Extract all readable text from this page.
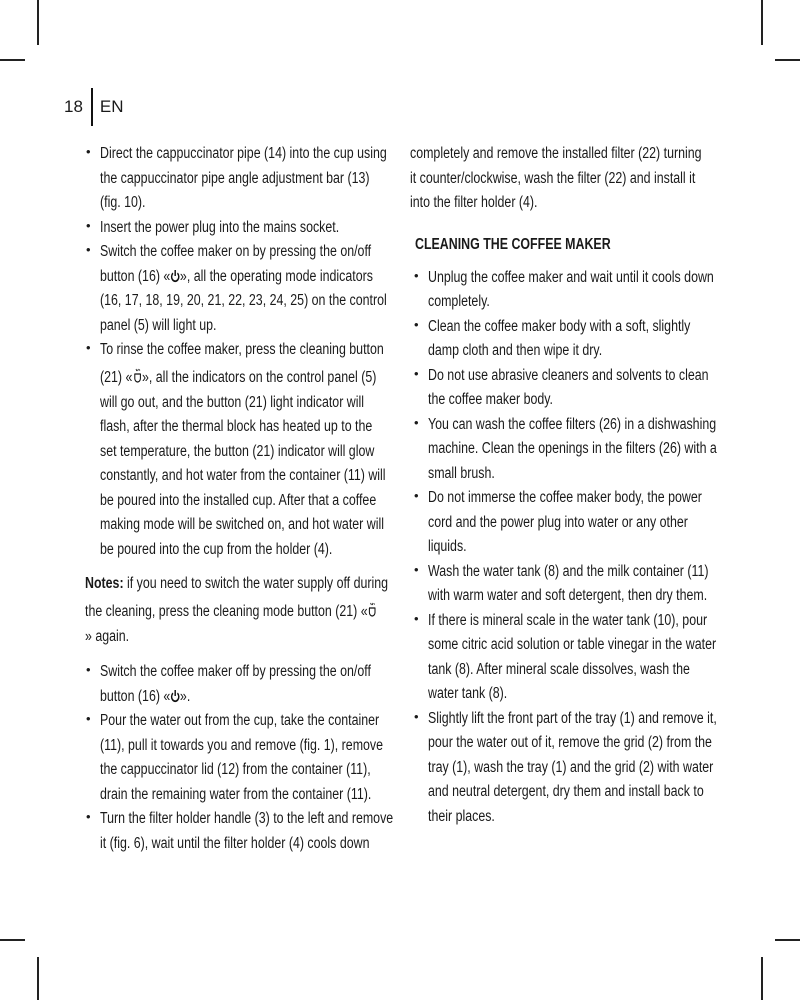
18 EN
• Direct the cappuccinator pipe (14) into the cup using
the cappuccinator pipe angle adjustment bar (13)
(fig. 10).
• Insert the power plug into the mains socket.
• Switch the coffee maker on by pressing the on/off
button (16) « », all the operating mode indicators
(16, 17, 18, 19, 20, 21, 22, 23, 24, 25) on the control
panel (5) will light up.
• To rinse the coffee maker, press the cleaning button
(21) « », all the indicators on the control panel (5)
will go out, and the button (21) light indicator will
flash, after the thermal block has heated up to the
set temperature, the button (21) indicator will glow
constantly, and hot water from the container (11) will
be poured into the installed cup. After that a coffee
making mode will be switched on, and hot water will
be poured into the cup from the holder (4).
Notes: if you need to switch the water supply off during
the cleaning, press the cleaning mode button (21) «
» again.
• Switch the coffee maker off by pressing the on/off
button (16) « ».
• Pour the water out from the cup, take the container
(11), pull it towards you and remove (fig. 1), remove
the cappuccinator lid (12) from the container (11),
drain the remaining water from the container (11).
• Turn the filter holder handle (3) to the left and remove
it (fig. 6), wait until the filter holder (4) cools down
completely and remove the installed filter (22) turning
it counter/clockwise, wash the filter (22) and install it
into the filter holder (4).
CLEANING THE COFFEE MAKER
• Unplug the coffee maker and wait until it cools down
completely.
• Clean the coffee maker body with a soft, slightly
damp cloth and then wipe it dry.
• Do not use abrasive cleaners and solvents to clean
the coffee maker body.
• You can wash the coffee filters (26) in a dishwashing
machine. Clean the openings in the filters (26) with a
small brush.
• Do not immerse the coffee maker body, the power
cord and the power plug into water or any other
liquids.
• Wash the water tank (8) and the milk container (11)
with warm water and soft detergent, then dry them.
• If there is mineral scale in the water tank (10), pour
some citric acid solution or table vinegar in the water
tank (8). After mineral scale dissolves, wash the
water tank (8).
• Slightly lift the front part of the tray (1) and remove it,
pour the water out of it, remove the grid (2) from the
tray (1), wash the tray (1) and the grid (2) with water
and neutral detergent, dry them and install back to
their places.
